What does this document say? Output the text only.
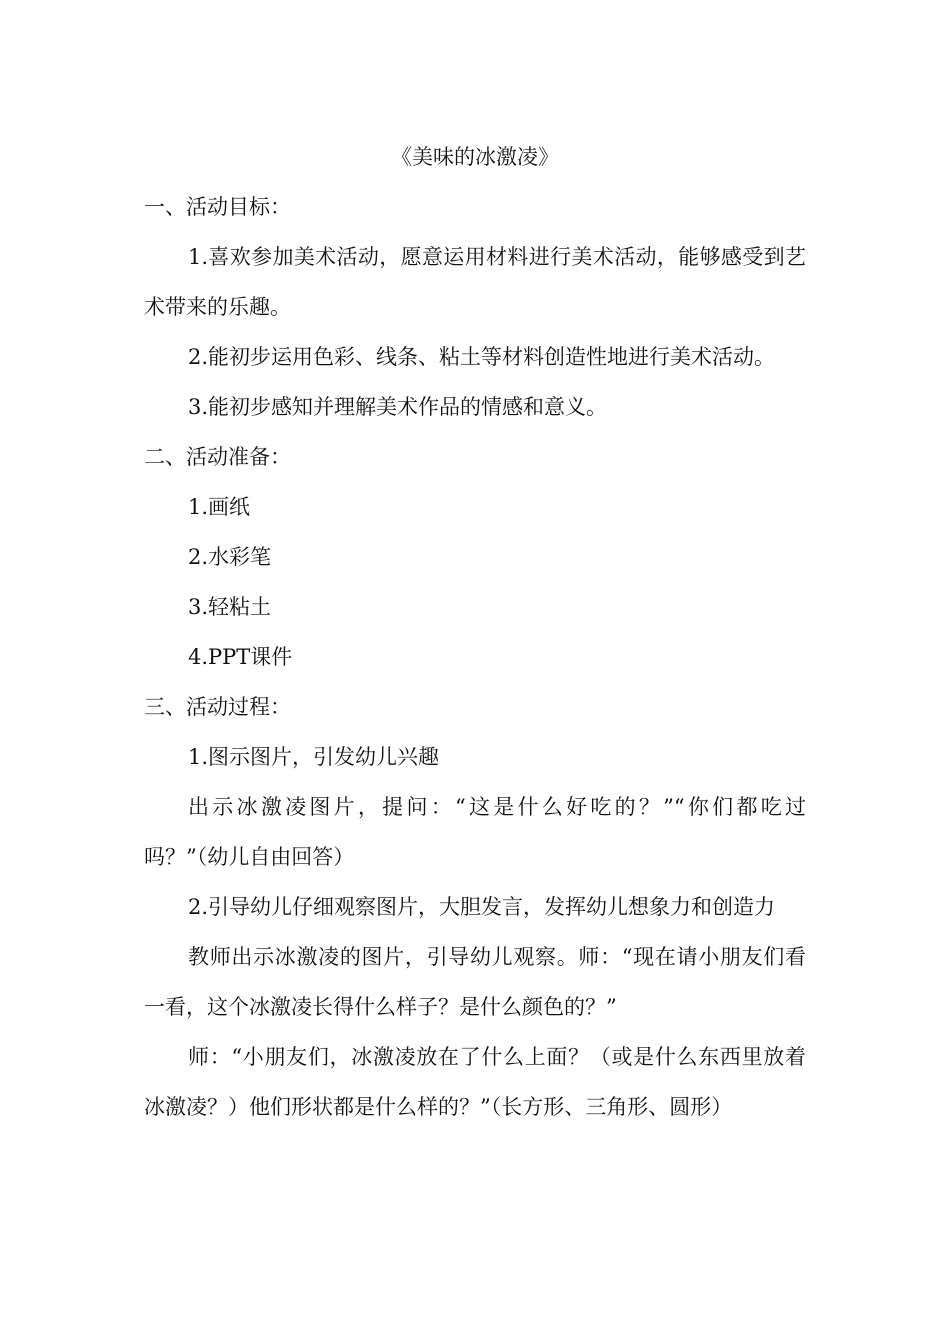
《美味的冰激凌》

一、活动目标：

1.喜欢参加美术活动，愿意运用材料进行美术活动，能够感受到艺术带来的乐趣。

2.能初步运用色彩、线条、粘土等材料创造性地进行美术活动。

3.能初步感知并理解美术作品的情感和意义。

二、活动准备：

1.画纸

2.水彩笔

3.轻粘土

4.PPT课件

三、活动过程：

1.图示图片，引发幼儿兴趣

出示冰激凌图片，提问：“这是什么好吃的？”“你们都吃过吗？”（幼儿自由回答）

2.引导幼儿仔细观察图片，大胆发言，发挥幼儿想象力和创造力

教师出示冰激凌的图片，引导幼儿观察。师：“现在请小朋友们看一看，这个冰激凌长得什么样子？是什么颜色的？”

师：“小朋友们，冰激凌放在了什么上面？（或是什么东西里放着冰激凌？）他们形状都是什么样的？”（长方形、三角形、圆形）
